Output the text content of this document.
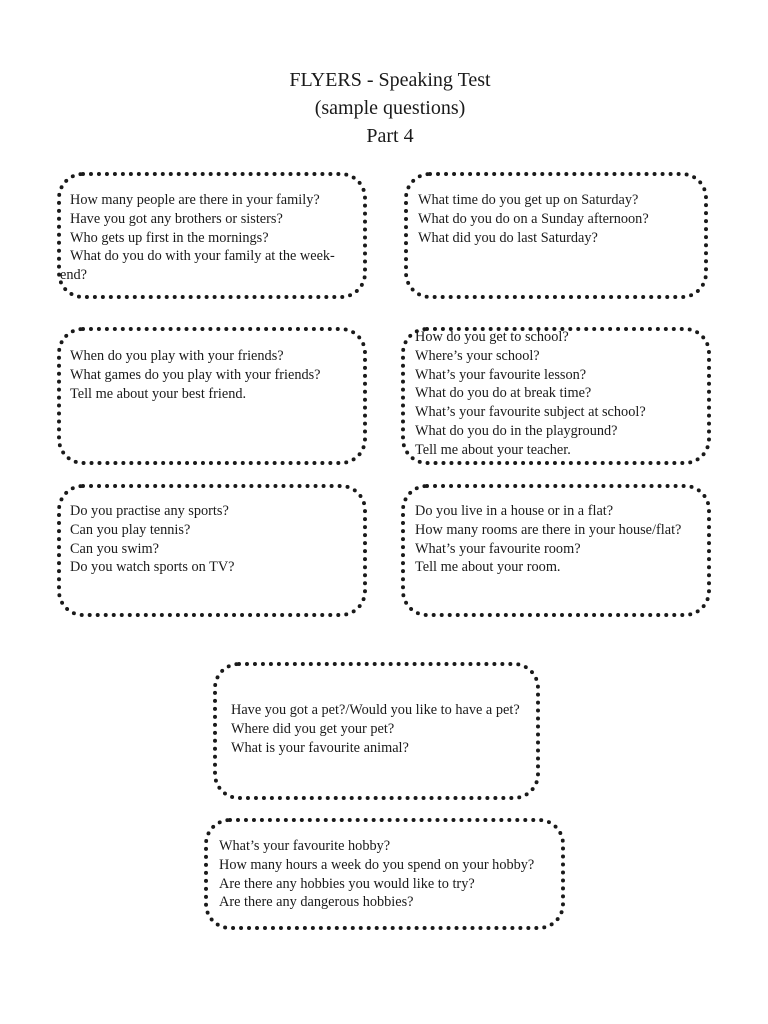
FLYERS - Speaking Test
(sample questions)
Part 4
How many people are there in your family?
Have you got any brothers or sisters?
Who gets up first in the mornings?
What do you do with your family at the week-end?
What time do you get up on Saturday?
What do you do on a Sunday afternoon?
What did you do last Saturday?
When do you play with your friends?
What games do you play with your friends?
Tell me about your best friend.
How do you get to school?
Where’s your school?
What’s your favourite lesson?
What do you do at break time?
What’s your favourite subject at school?
What do you do in the playground?
Tell me about your teacher.
Do you practise any sports?
Can you play tennis?
Can you swim?
Do you watch sports on TV?
Do you live in a house or in a flat?
How many rooms are there in your house/flat?
What’s your favourite room?
Tell me about your room.
Have you got a pet?/Would you like to have a pet?
Where did you get your pet?
What is your favourite animal?
What’s your favourite hobby?
How many hours a week do you spend on your hobby?
Are there any hobbies you would like to try?
Are there any dangerous hobbies?
